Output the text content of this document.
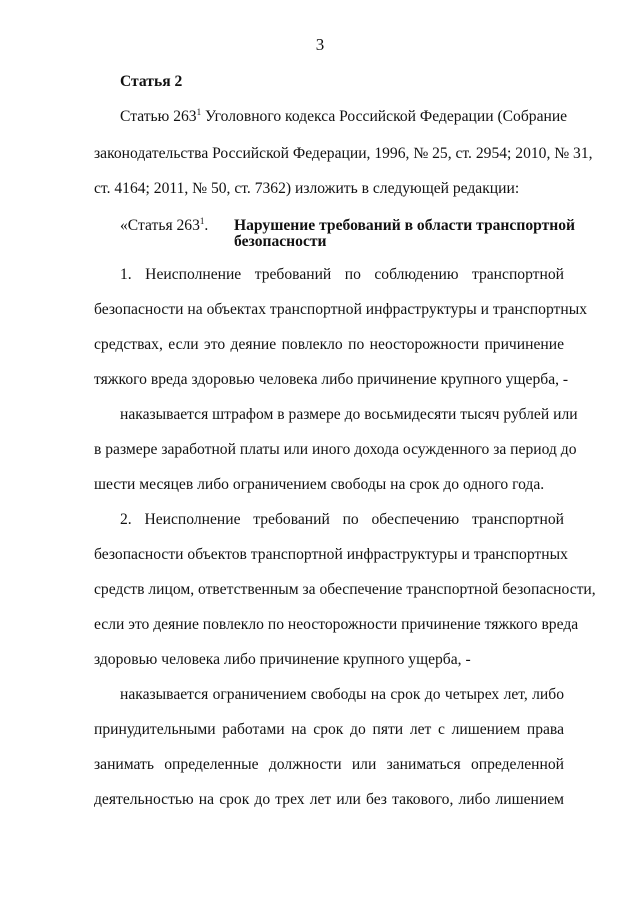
3
Статья 2
Статью $263^1$ Уголовного кодекса Российской Федерации (Собрание
законодательства Российской Федерации, 1996, № 25, ст. 2954; 2010, № 31,
ст. 4164; 2011, № 50, ст. 7362) изложить в следующей редакции:
«Статья $263^1$. Нарушение требований в области транспортной
безопасности
1. Неисполнение требований по соблюдению транспортной
безопасности на объектах транспортной инфраструктуры и транспортных
средствах, если это деяние повлекло по неосторожности причинение
тяжкого вреда здоровью человека либо причинение крупного ущерба, -
наказывается штрафом в размере до восьмидесяти тысяч рублей или
в размере заработной платы или иного дохода осужденного за период до
шести месяцев либо ограничением свободы на срок до одного года.
2. Неисполнение требований по обеспечению транспортной
безопасности объектов транспортной инфраструктуры и транспортных
средств лицом, ответственным за обеспечение транспортной безопасности,
если это деяние повлекло по неосторожности причинение тяжкого вреда
здоровью человека либо причинение крупного ущерба, -
наказывается ограничением свободы на срок до четырех лет, либо
принудительными работами на срок до пяти лет с лишением права
занимать определенные должности или заниматься определенной
деятельностью на срок до трех лет или без такового, либо лишением
